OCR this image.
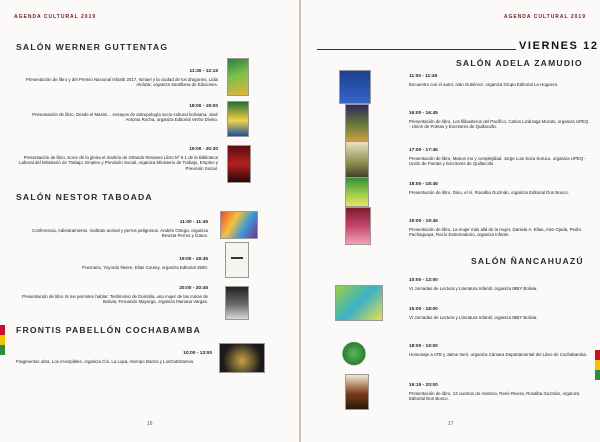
AGENDA CULTURAL 2019
SALÓN WERNER GUTTENTAG
11:30 - 12:15
Presentación de libro y del Premio Nacional Infantil 2017, Ismael y la ciudad de los dragones, Lidia Alcázar, organiza Santillana de Ediciones.
18:00 - 19:00
Presentación de libro, Desde el Masisi… ensayos de antropología socio-cultural boliviana, José Antonio Rocha, organiza Editorial Verbo Divino.
19:00 - 20:30
Presentación de libro, Soror de la gloria el martirio de Orlando Rimanes Libro Nº 6 1 de la Biblioteca Laboral del Ministerio de Trabajo, Empleo y Previsión Social, organiza Ministerio de Trabajo, Empleo y Previsión Social.
SALÓN NESTOR TABOADA
11:00 - 11:45
Conferencia, Adiestramiento, maltrato animal y perros peligrosos, Andrés Ortega, organiza Revista Perros y Gatos.
19:00 - 19:45
Poemario, Yoyordo Ñeere, Elias Courey, organiza Editorial 3600.
20:00 - 20:45
Presentación de libro Si me permiten hablar: Testimonio de Domitila, una mujer de las minas de Bolivia, Fernando Mayorga, organiza Mariana Vargas.
FRONTIS PABELLÓN COCHABAMBA
10:00 - 13:00
Fragmentos obra, Los irrompibles, organiza Cía. La Lupa, Atempo Danza y LosGoEstamos.
16
AGENDA CULTURAL 2019
VIERNES 12
SALÓN ADELA ZAMUDIO
11:00 - 11:45
Encuentro con el autor, Iván Gutiérrez, organiza Grupo Editorial La Hoguera.
16:00 - 16:45
Presentación de libro, Los filibusteros del Pacífico, Carlos Lizárraga Morato, organiza UPEQ - Unión de Poetas y Escritores de Quillacollo.
17:00 - 17:45
Presentación de libro, Manos mo y complejidad, Jorge Luis Soza Soruco, organiza UPEQ - Unión de Poetas y Escritores de Quillacollo.
18:00 - 18:45
Presentación de libro, Dino, el sí, Rosalba Guzmán, organiza Editorial Don Bosco.
19:00 - 19:45
Presentación de libro, La mujer más allá de la mujer, Daniela A. Elías, Alex Ojeda, Pedro Pachaguaya, Rocío Estremadoiro, organiza Infante.
SALÓN ÑANCAHUAZÚ
10:00 - 12:00
VI Jornadas de Lectura y Literatura Infantil, organiza IBBY Bolivia.
15:00 - 18:00
VI Jornadas de Lectura y Literatura Infantil, organiza IBBY Bolivia.
18:00 - 19:00
Homenaje a ATB y Jaime Iturri, organiza Cámara Departamental del Libro de Cochabamba.
19:15 - 20:00
Presentación de libro, 13 cuentos de misterio, René Rivera, Rosalba Guzmán, organiza Editorial Don Bosco.
17
